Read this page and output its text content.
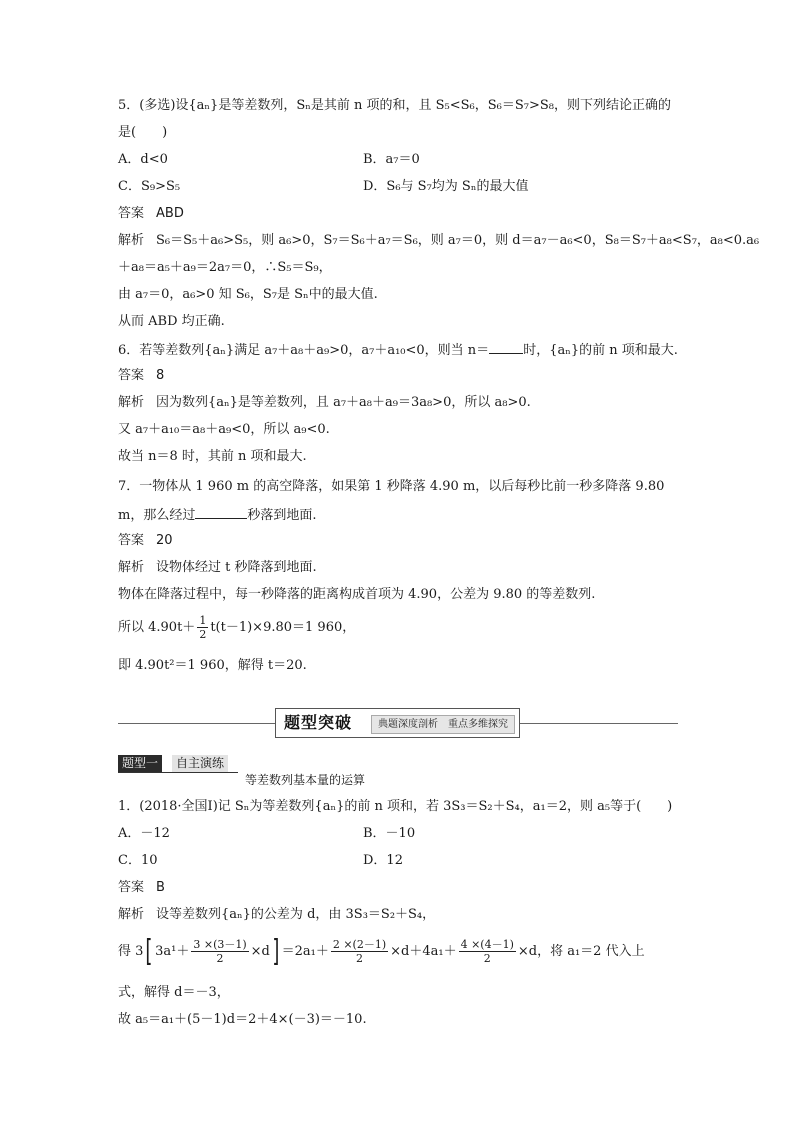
5．(多选)设{aₙ}是等差数列，Sₙ是其前 n 项的和，且 S₅<S₆，S₆＝S₇>S₈，则下列结论正确的
是(　　)
A．d<0	B．a₇＝0
C．S₉>S₅	D．S₆与 S₇均为 Sₙ的最大值
答案 ABD
解析 S₆＝S₅＋a₆>S₅，则 a₆>0，S₇＝S₆＋a₇＝S₆，则 a₇＝0，则 d＝a₇－a₆<0，S₈＝S₇＋a₈<S₇，a₈<0.a₆
＋a₈＝a₅＋a₉＝2a₇＝0，∴S₅＝S₉，
由 a₇＝0，a₆>0 知 S₆，S₇是 Sₙ中的最大值.
从而 ABD 均正确.
6．若等差数列{aₙ}满足 a₇＋a₈＋a₉>0，a₇＋a₁₀<0，则当 n＝	时，{aₙ}的前 n 项和最大.
答案 8
解析 因为数列{aₙ}是等差数列，且 a₇＋a₈＋a₉＝3a₈>0，所以 a₈>0.
又 a₇＋a₁₀＝a₈＋a₉<0，所以 a₉<0.
故当 n＝8 时，其前 n 项和最大.
7．一物体从 1 960 m 的高空降落，如果第 1 秒降落 4.90 m，以后每秒比前一秒多降落 9.80
m，那么经过	秒落到地面.
答案 20
解析 设物体经过 t 秒降落到地面.
物体在降落过程中，每一秒降落的距离构成首项为 4.90，公差为 9.80 的等差数列.
所以 $4.90t+ \frac{1}{2} t(t-1)\times 9.80=1$ 960，
即 4.90t²＝1 960，解得 t＝20.
题型突破	典题深度剖析　重点多维探究
题型一	自主演练
等差数列基本量的运算
1．(2018·全国Ⅰ)记 Sₙ为等差数列{aₙ}的前 n 项和，若 3S₃＝S₂＋S₄，a₁＝2，则 a₅等于(　　)
A．－12	B．－10
C．10	D．12
答案 B
解析 设等差数列{aₙ}的公差为 d，由 3S₃＝S₂＋S₄，
得 3[ $3a^1+ \frac{3 \times(3-1)}{2} \times d] =2a_1+ \frac{2 \times(2-1)}{2} \times d+4a_1+ \frac{4 \times(4-1)}{2} \times d$，将 a₁＝2 代入上
式，解得 d＝－3，
故 a₅＝a₁＋(5－1)d＝2＋4×(－3)＝－10.
